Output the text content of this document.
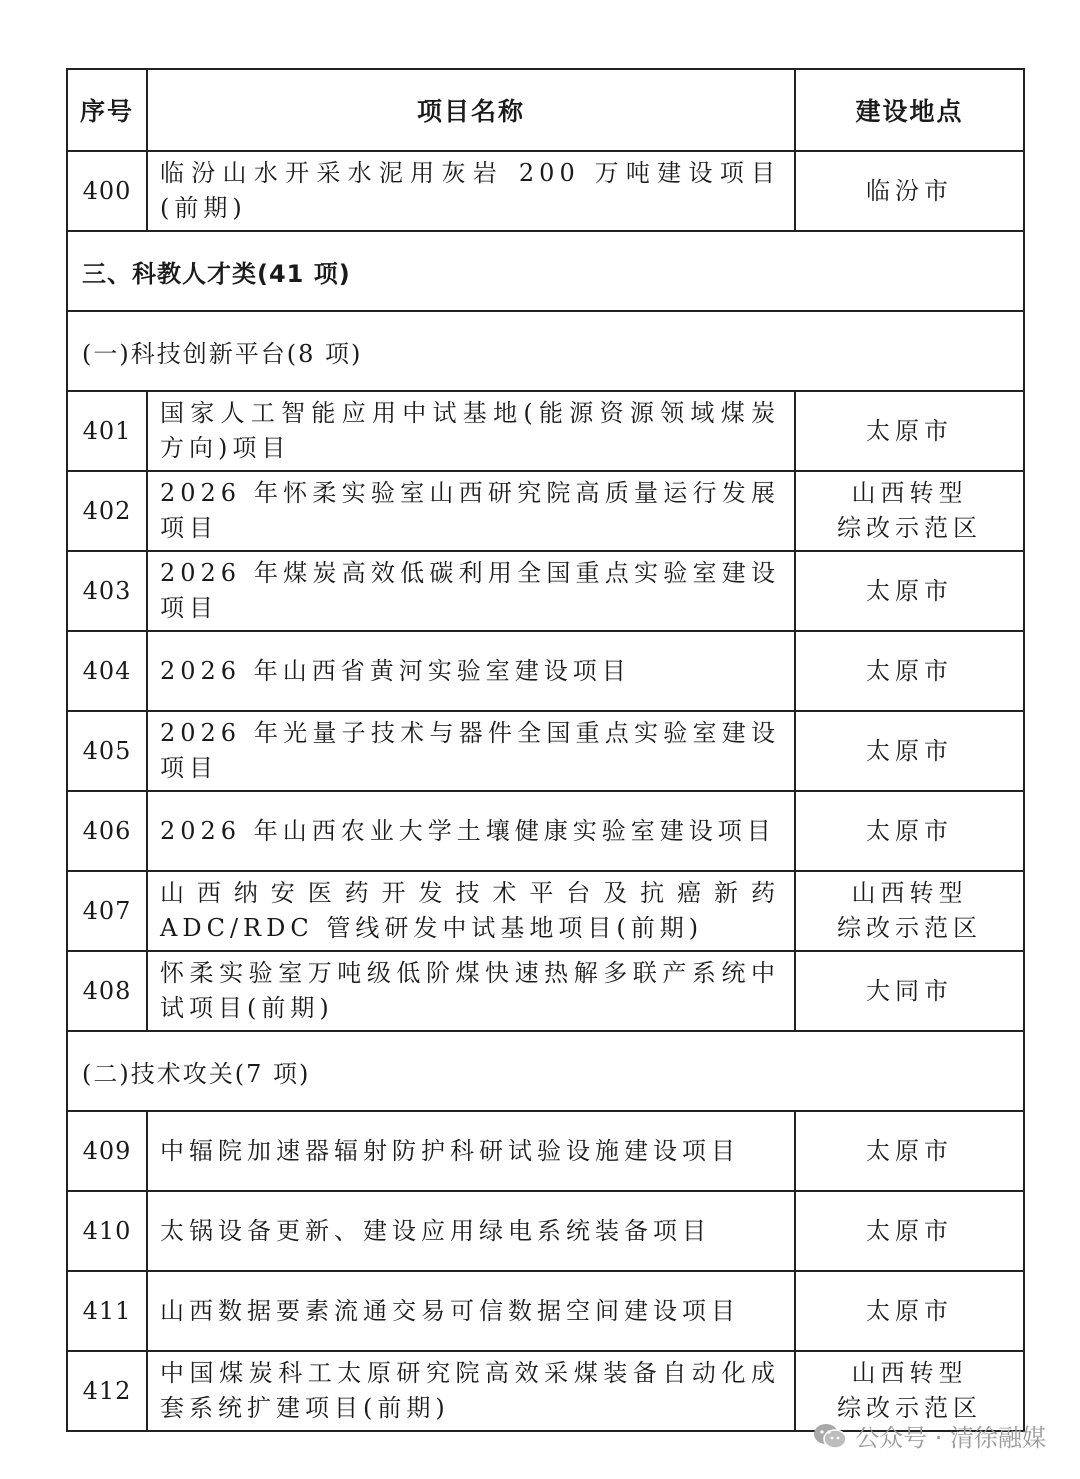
序号	项目名称	建设地点
400	临汾山水开采水泥用灰岩 200 万吨建设项目(前期)	临汾市
三、科教人才类(41 项)		
(一)科技创新平台(8 项)		
401	国家人工智能应用中试基地(能源资源领域煤炭方向)项目	太原市
402	2026 年怀柔实验室山西研究院高质量运行发展项目	山西转型
综改示范区
403	2026 年煤炭高效低碳利用全国重点实验室建设项目	太原市
404	2026 年山西省黄河实验室建设项目	太原市
405	2026 年光量子技术与器件全国重点实验室建设项目	太原市
406	2026 年山西农业大学土壤健康实验室建设项目	太原市
407	山西纳安医药开发技术平台及抗癌新药 ADC/RDC 管线研发中试基地项目(前期)	山西转型
综改示范区
408	怀柔实验室万吨级低阶煤快速热解多联产系统中试项目(前期)	大同市
(二)技术攻关(7 项)		
409	中辐院加速器辐射防护科研试验设施建设项目	太原市
410	太锅设备更新、建设应用绿电系统装备项目	太原市
411	山西数据要素流通交易可信数据空间建设项目	太原市
412	中国煤炭科工太原研究院高效采煤装备自动化成套系统扩建项目(前期)	山西转型
综改示范区
公众号 · 清徐融媒
